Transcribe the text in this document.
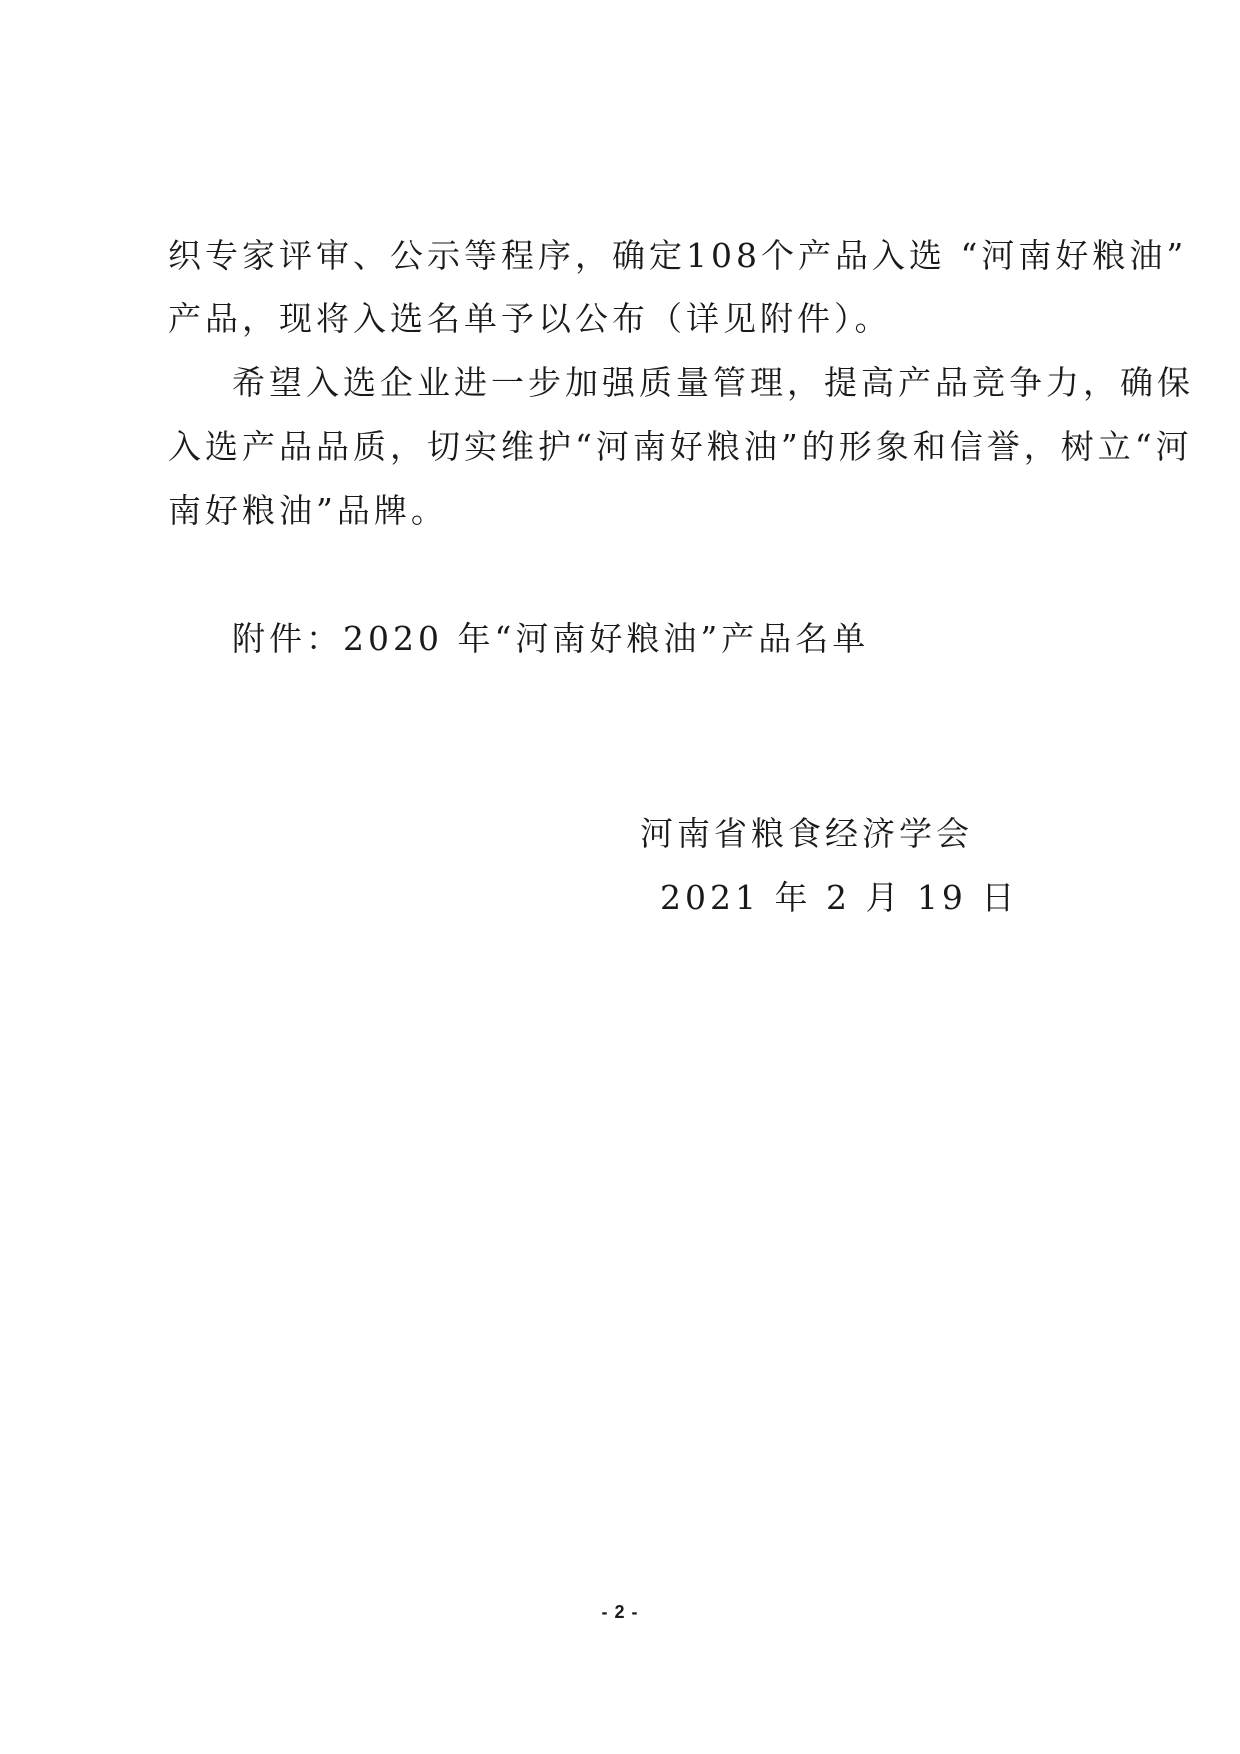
织专家评审、公示等程序，确定108个产品入选 “河南好粮油”
产品，现将入选名单予以公布（详见附件）。
希望入选企业进一步加强质量管理，提高产品竞争力，确保
入选产品品质，切实维护“河南好粮油”的形象和信誉，树立“河
南好粮油”品牌。
附件：2020 年“河南好粮油”产品名单
河南省粮食经济学会
2021 年 2 月 19 日
- 2 -
